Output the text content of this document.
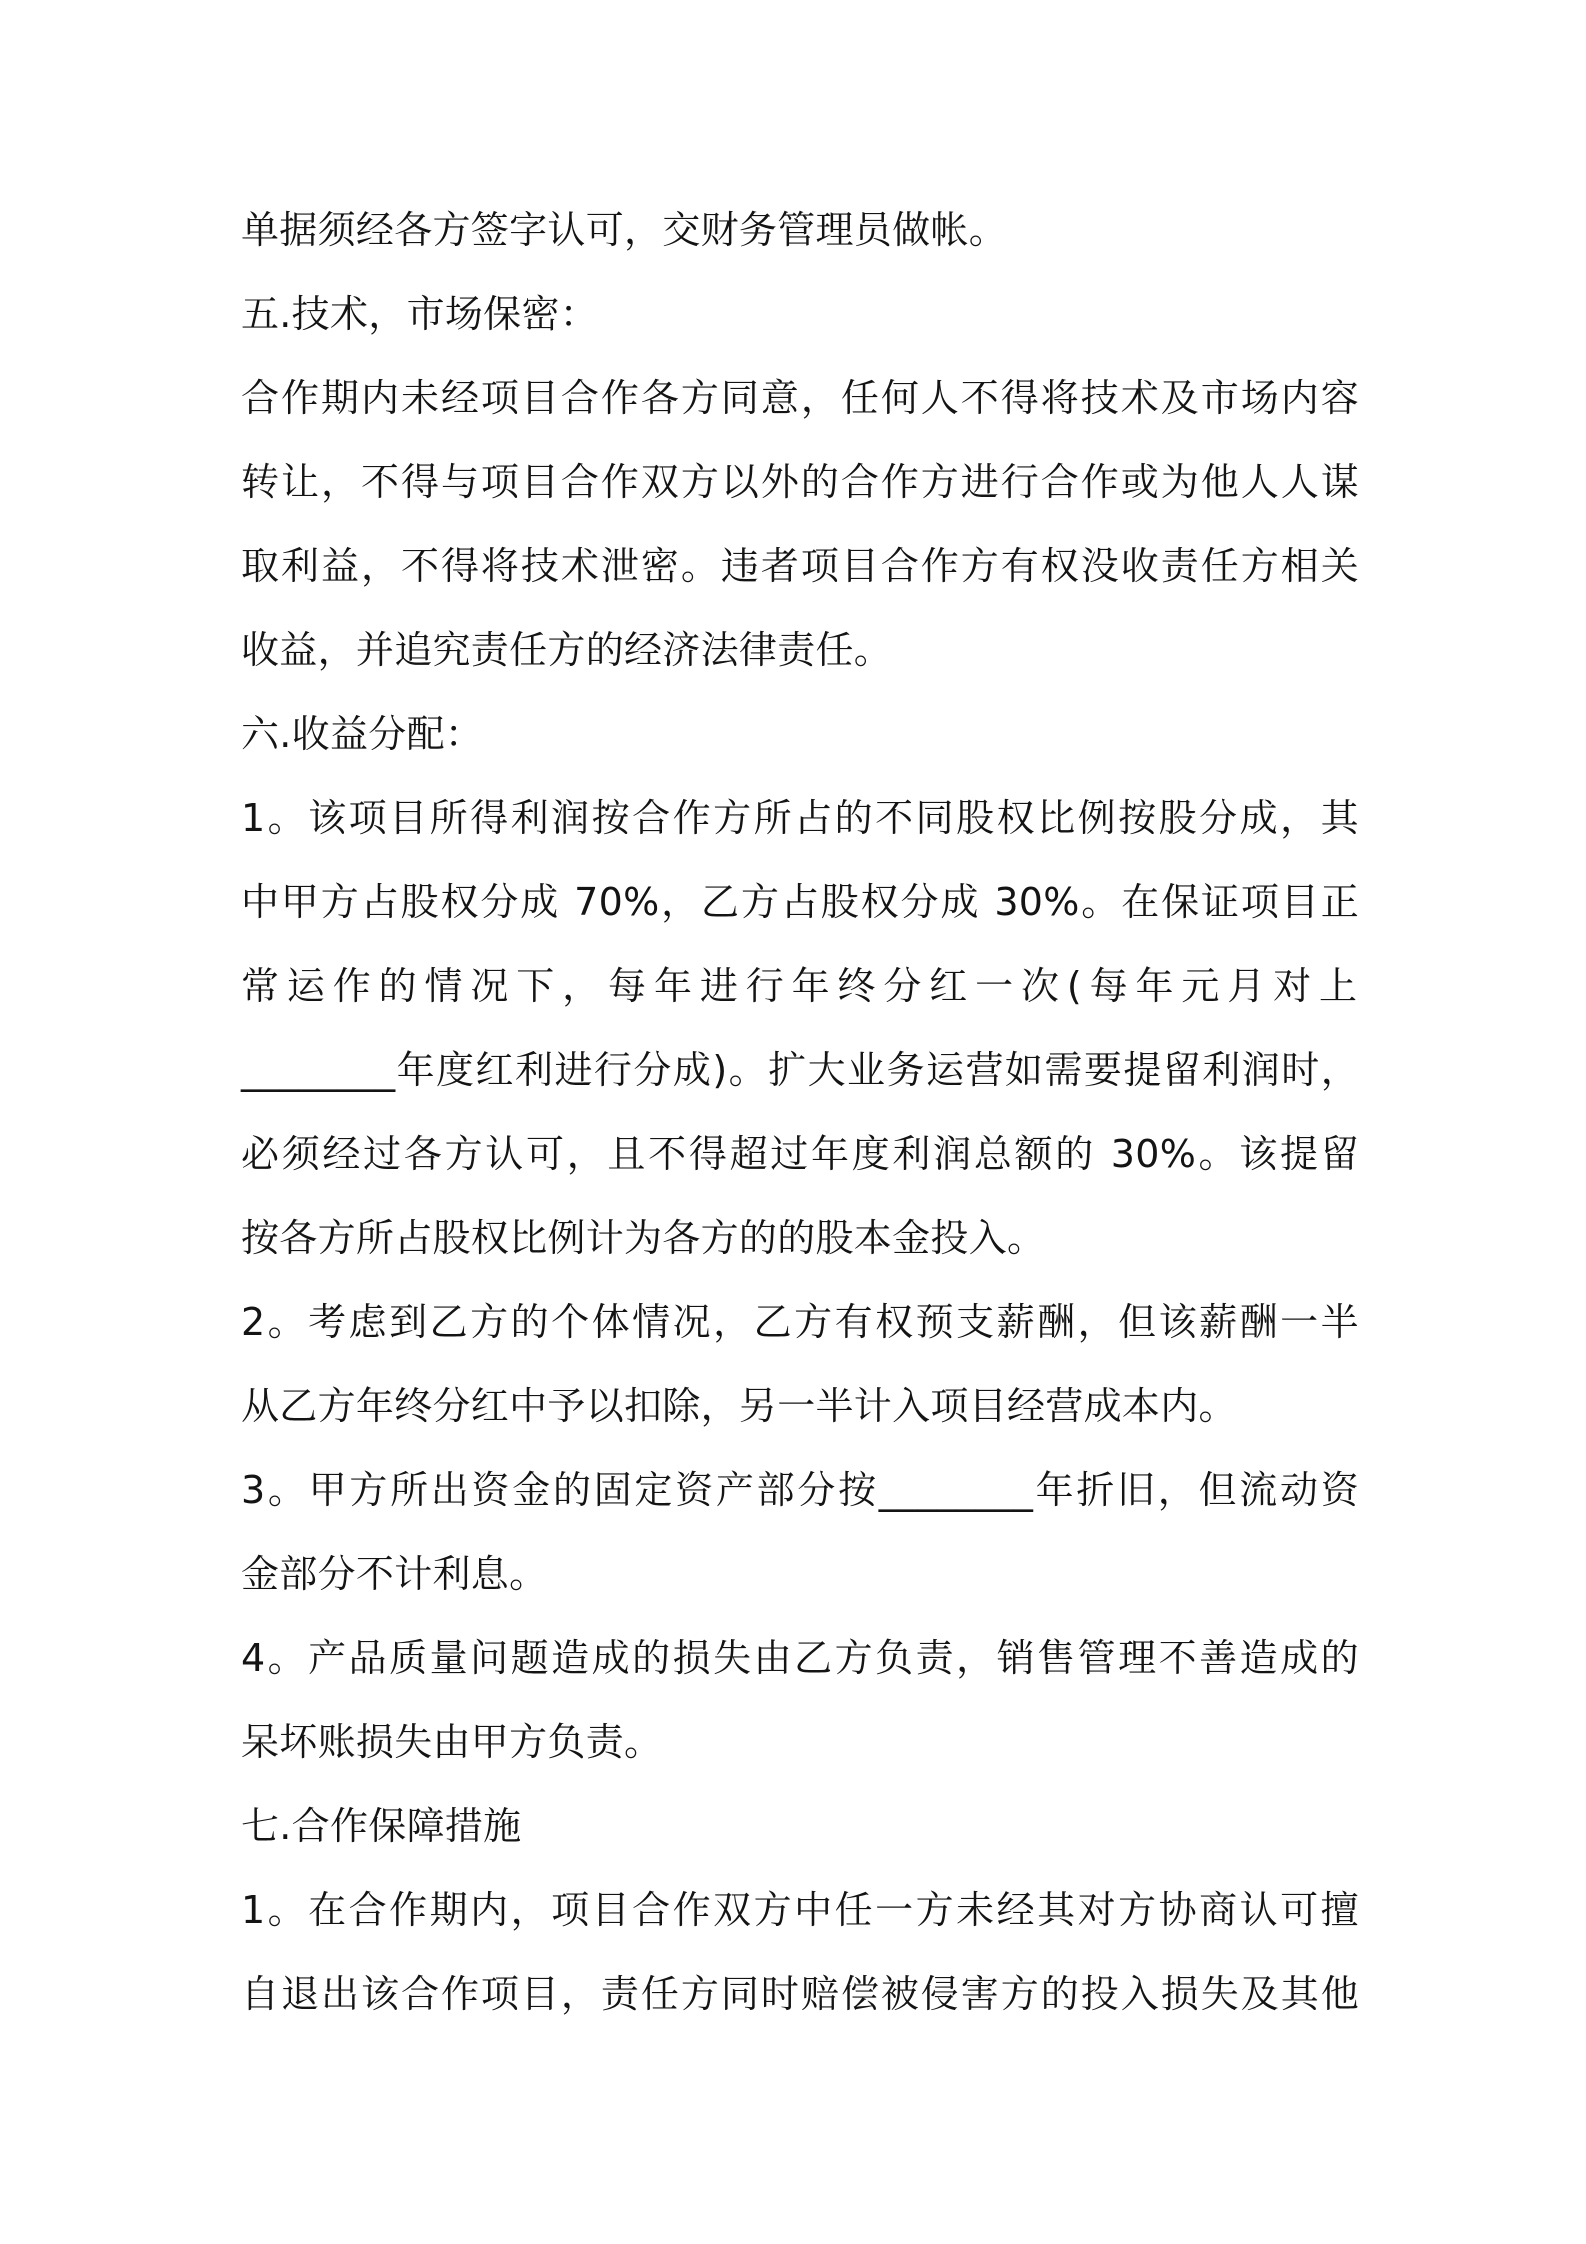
单据须经各方签字认可，交财务管理员做帐。
五.技术，市场保密：
合作期内未经项目合作各方同意，任何人不得将技术及市场内容
转让，不得与项目合作双方以外的合作方进行合作或为他人人谋
取利益，不得将技术泄密。违者项目合作方有权没收责任方相关
收益，并追究责任方的经济法律责任。
六.收益分配：
1。该项目所得利润按合作方所占的不同股权比例按股分成，其
中甲方占股权分成 70%，乙方占股权分成 30%。在保证项目正
常运作的情况下，每年进行年终分红一次(每年元月对上
________年度红利进行分成)。扩大业务运营如需要提留利润时，
必须经过各方认可，且不得超过年度利润总额的 30%。该提留
按各方所占股权比例计为各方的的股本金投入。
2。考虑到乙方的个体情况，乙方有权预支薪酬，但该薪酬一半
从乙方年终分红中予以扣除，另一半计入项目经营成本内。
3。甲方所出资金的固定资产部分按________年折旧，但流动资
金部分不计利息。
4。产品质量问题造成的损失由乙方负责，销售管理不善造成的
呆坏账损失由甲方负责。
七.合作保障措施
1。在合作期内，项目合作双方中任一方未经其对方协商认可擅
自退出该合作项目，责任方同时赔偿被侵害方的投入损失及其他
